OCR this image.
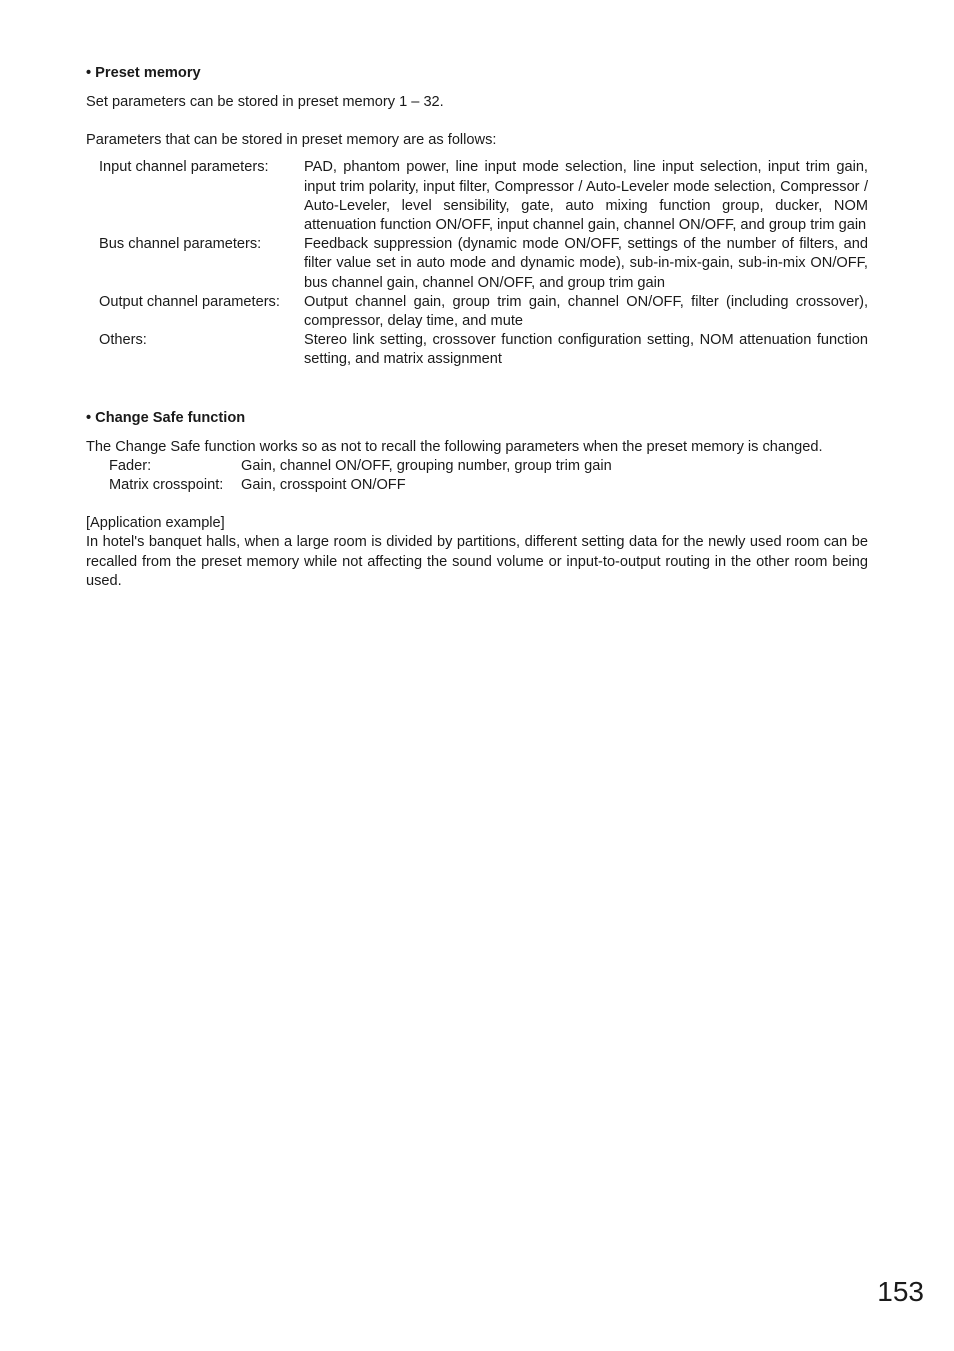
• Preset memory

Set parameters can be stored in preset memory 1 – 32.

Parameters that can be stored in preset memory are as follows:

Input channel parameters:	PAD, phantom power, line input mode selection, line input selection, input trim gain, input trim polarity, input filter, Compressor / Auto-Leveler mode selection, Compressor / Auto-Leveler, level sensibility, gate, auto mixing function group, ducker, NOM attenuation function ON/OFF, input channel gain, channel ON/OFF, and group trim gain
Bus channel parameters:	Feedback suppression (dynamic mode ON/OFF, settings of the number of filters, and filter value set in auto mode and dynamic mode), sub-in-mix-gain, sub-in-mix ON/OFF, bus channel gain, channel ON/OFF, and group trim gain
Output channel parameters:	Output channel gain, group trim gain, channel ON/OFF, filter (including crossover), compressor, delay time, and mute
Others:	Stereo link setting, crossover function configuration setting, NOM attenuation function setting, and matrix assignment

• Change Safe function

The Change Safe function works so as not to recall the following parameters when the preset memory is changed.

Fader:	Gain, channel ON/OFF, grouping number, group trim gain
Matrix crosspoint:	Gain, crosspoint ON/OFF

[Application example]

In hotel's banquet halls, when a large room is divided by partitions, different setting data for the newly used room can be recalled from the preset memory while not affecting the sound volume or input-to-output routing in the other room being used.

153
